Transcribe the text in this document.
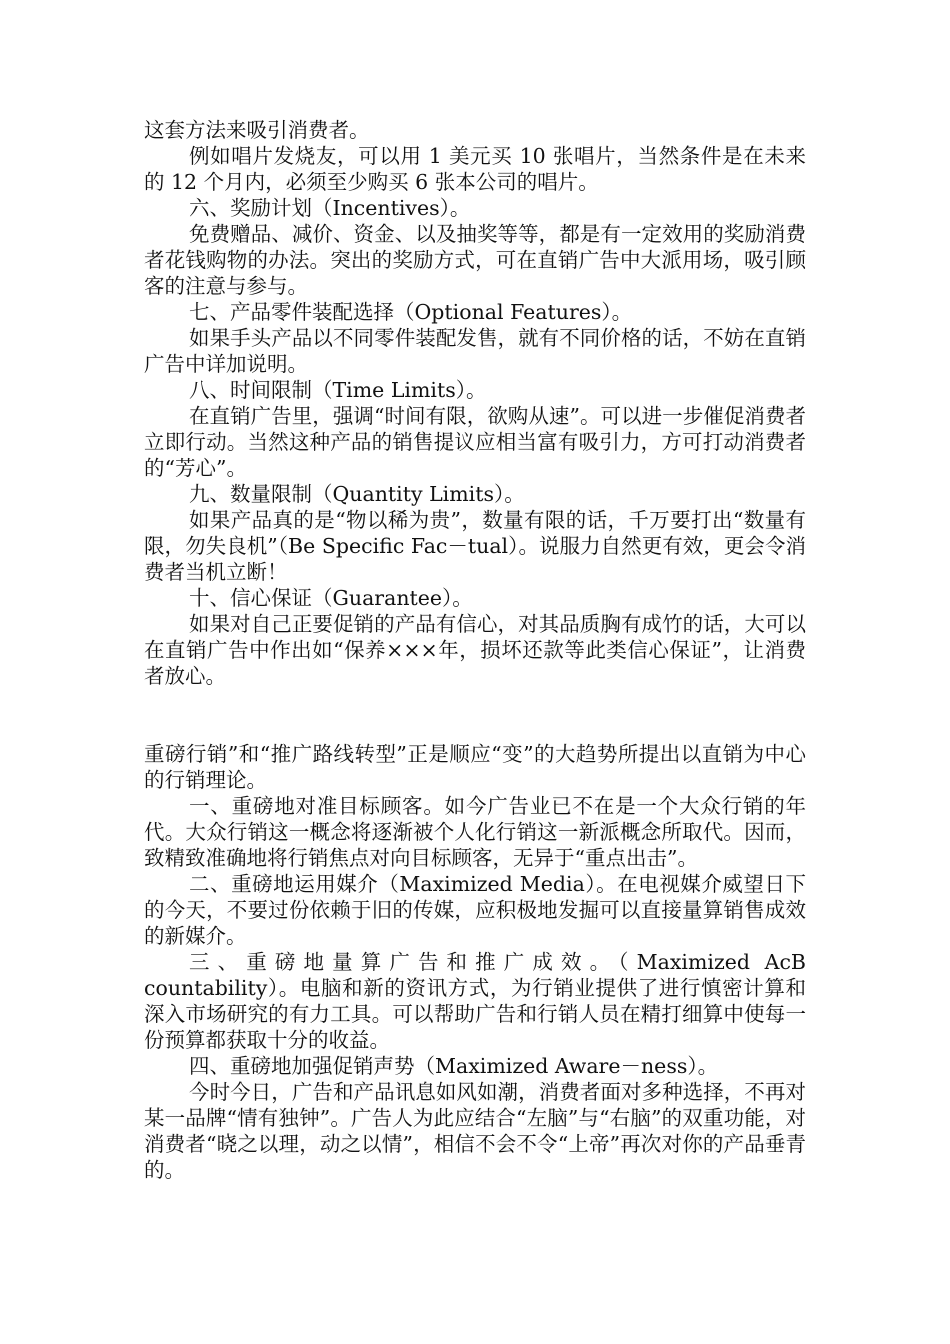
这套方法来吸引消费者。

例如唱片发烧友，可以用 1 美元买 10 张唱片，当然条件是在未来的 12 个月内，必须至少购买 6 张本公司的唱片。

六、奖励计划（Incentives）。

免费赠品、减价、资金、以及抽奖等等，都是有一定效用的奖励消费者花钱购物的办法。突出的奖励方式，可在直销广告中大派用场，吸引顾客的注意与参与。

七、产品零件装配选择（Optional Features）。

如果手头产品以不同零件装配发售，就有不同价格的话，不妨在直销广告中详加说明。

八、时间限制（Time Limits）。

在直销广告里，强调“时间有限，欲购从速”。可以进一步催促消费者立即行动。当然这种产品的销售提议应相当富有吸引力，方可打动消费者的“芳心”。

九、数量限制（Quantity Limits）。

如果产品真的是“物以稀为贵”，数量有限的话，千万要打出“数量有限，勿失良机”（Be Specific Fac－tual）。说服力自然更有效，更会令消费者当机立断！

十、信心保证（Guarantee）。

如果对自己正要促销的产品有信心，对其品质胸有成竹的话，大可以在直销广告中作出如“保养×××年，损坏还款等此类信心保证”，让消费者放心。

重磅行销”和“推广路线转型”正是顺应“变”的大趋势所提出以直销为中心的行销理论。

一、重磅地对准目标顾客。如今广告业已不在是一个大众行销的年代。大众行销这一概念将逐渐被个人化行销这一新派概念所取代。因而，致精致准确地将行销焦点对向目标顾客，无异于“重点出击”。

二、重磅地运用媒介（Maximized Media）。在电视媒介威望日下的今天，不要过份依赖于旧的传媒，应积极地发掘可以直接量算销售成效的新媒介。

三、重磅地量算广告和推广成效。（Maximized AcB countability）。电脑和新的资讯方式，为行销业提供了进行慎密计算和深入市场研究的有力工具。可以帮助广告和行销人员在精打细算中使每一份预算都获取十分的收益。

四、重磅地加强促销声势（Maximized Aware－ness）。

今时今日，广告和产品讯息如风如潮，消费者面对多种选择，不再对某一品牌“情有独钟”。广告人为此应结合“左脑”与“右脑”的双重功能，对消费者“晓之以理，动之以情”，相信不会不令“上帝”再次对你的产品垂青的。
